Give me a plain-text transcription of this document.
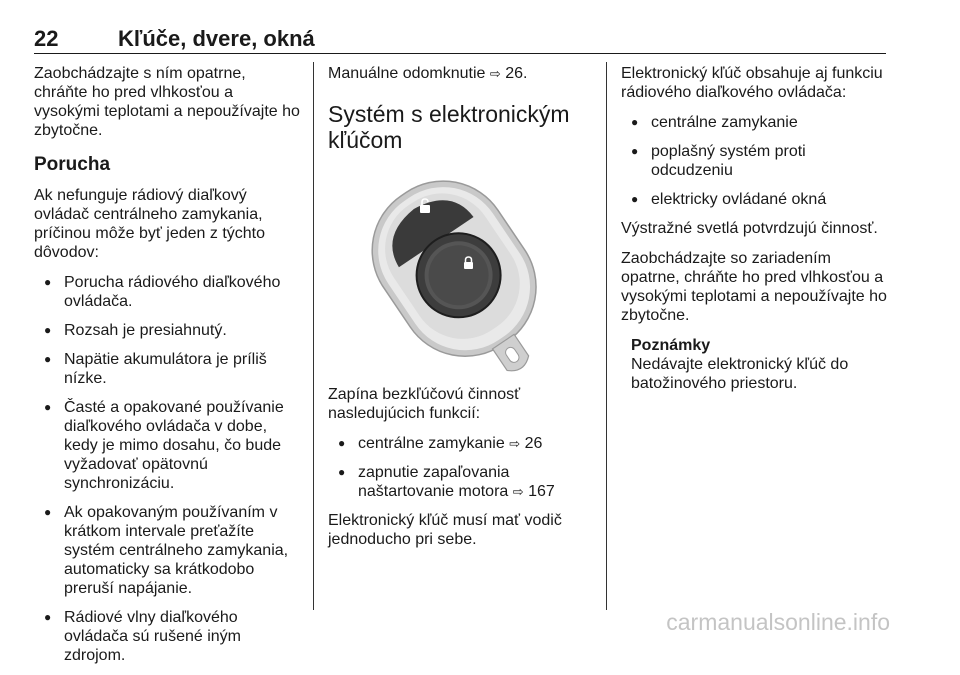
22	Kľúče, dvere, okná

Zaobchádzajte s ním opatrne, chráňte ho pred vlhkosťou a vysokými teplotami a nepoužívajte ho zbytočne.

Porucha

Ak nefunguje rádiový diaľkový ovládač centrálneho zamykania, príčinou môže byť jeden z týchto dôvodov:

● Porucha rádiového diaľkového ovládača.
● Rozsah je presiahnutý.
● Napätie akumulátora je príliš nízke.
● Časté a opakované používanie diaľkového ovládača v dobe, kedy je mimo dosahu, čo bude vyžadovať opätovnú synchronizáciu.
● Ak opakovaným používaním v krátkom intervale preťažíte systém centrálneho zamykania, automaticky sa krátkodobo preruší napájanie.
● Rádiové vlny diaľkového ovládača sú rušené iným zdrojom.

Manuálne odomknutie ⇨ 26.

Systém s elektronickým kľúčom

Zapína bezkľúčovú činnosť nasledujúcich funkcií:

● centrálne zamykanie ⇨ 26
● zapnutie zapaľovania naštartovanie motora ⇨ 167

Elektronický kľúč musí mať vodič jednoducho pri sebe.

Elektronický kľúč obsahuje aj funkciu rádiového diaľkového ovládača:

● centrálne zamykanie
● poplašný systém proti odcudzeniu
● elektricky ovládané okná

Výstražné svetlá potvrdzujú činnosť.

Zaobchádzajte so zariadením opatrne, chráňte ho pred vlhkosťou a vysokými teplotami a nepoužívajte ho zbytočne.

Poznámky
Nedávajte elektronický kľúč do batožinového priestoru.
carmanualsonline.info
